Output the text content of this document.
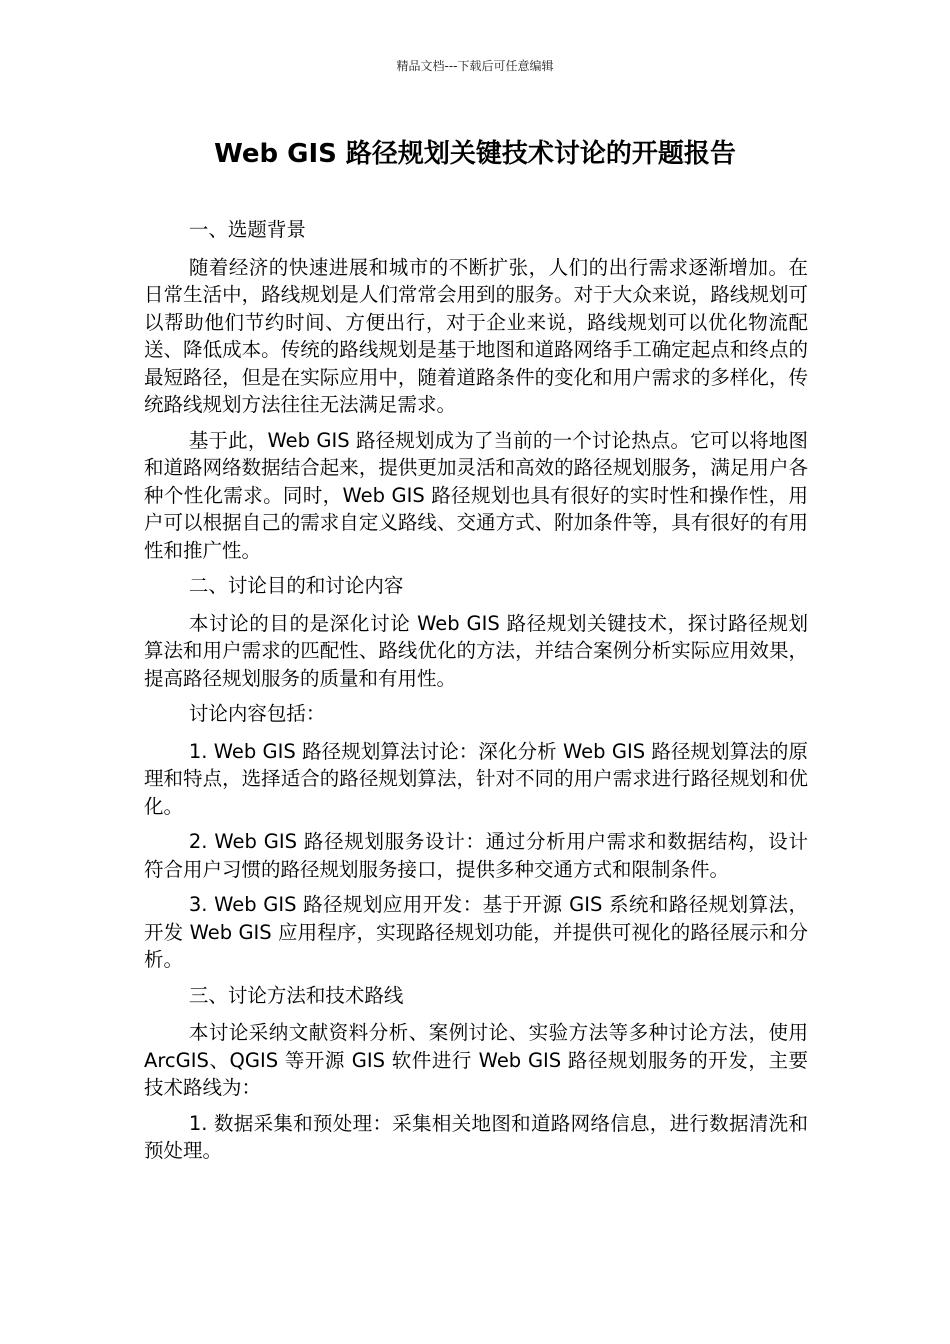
精品文档---下载后可任意编辑
Web GIS 路径规划关键技术讨论的开题报告

一、选题背景

随着经济的快速进展和城市的不断扩张，人们的出行需求逐渐增加。在日常生活中，路线规划是人们常常会用到的服务。对于大众来说，路线规划可以帮助他们节约时间、方便出行，对于企业来说，路线规划可以优化物流配送、降低成本。传统的路线规划是基于地图和道路网络手工确定起点和终点的最短路径，但是在实际应用中，随着道路条件的变化和用户需求的多样化，传统路线规划方法往往无法满足需求。

基于此，Web GIS 路径规划成为了当前的一个讨论热点。它可以将地图和道路网络数据结合起来，提供更加灵活和高效的路径规划服务，满足用户各种个性化需求。同时，Web GIS 路径规划也具有很好的实时性和操作性，用户可以根据自己的需求自定义路线、交通方式、附加条件等，具有很好的有用性和推广性。

二、讨论目的和讨论内容

本讨论的目的是深化讨论 Web GIS 路径规划关键技术，探讨路径规划算法和用户需求的匹配性、路线优化的方法，并结合案例分析实际应用效果，提高路径规划服务的质量和有用性。

讨论内容包括：

1. Web GIS 路径规划算法讨论：深化分析 Web GIS 路径规划算法的原理和特点，选择适合的路径规划算法，针对不同的用户需求进行路径规划和优化。

2. Web GIS 路径规划服务设计：通过分析用户需求和数据结构，设计符合用户习惯的路径规划服务接口，提供多种交通方式和限制条件。

3. Web GIS 路径规划应用开发：基于开源 GIS 系统和路径规划算法，开发 Web GIS 应用程序，实现路径规划功能，并提供可视化的路径展示和分析。

三、讨论方法和技术路线

本讨论采纳文献资料分析、案例讨论、实验方法等多种讨论方法，使用 ArcGIS、QGIS 等开源 GIS 软件进行 Web GIS 路径规划服务的开发，主要技术路线为：

1. 数据采集和预处理：采集相关地图和道路网络信息，进行数据清洗和预处理。
